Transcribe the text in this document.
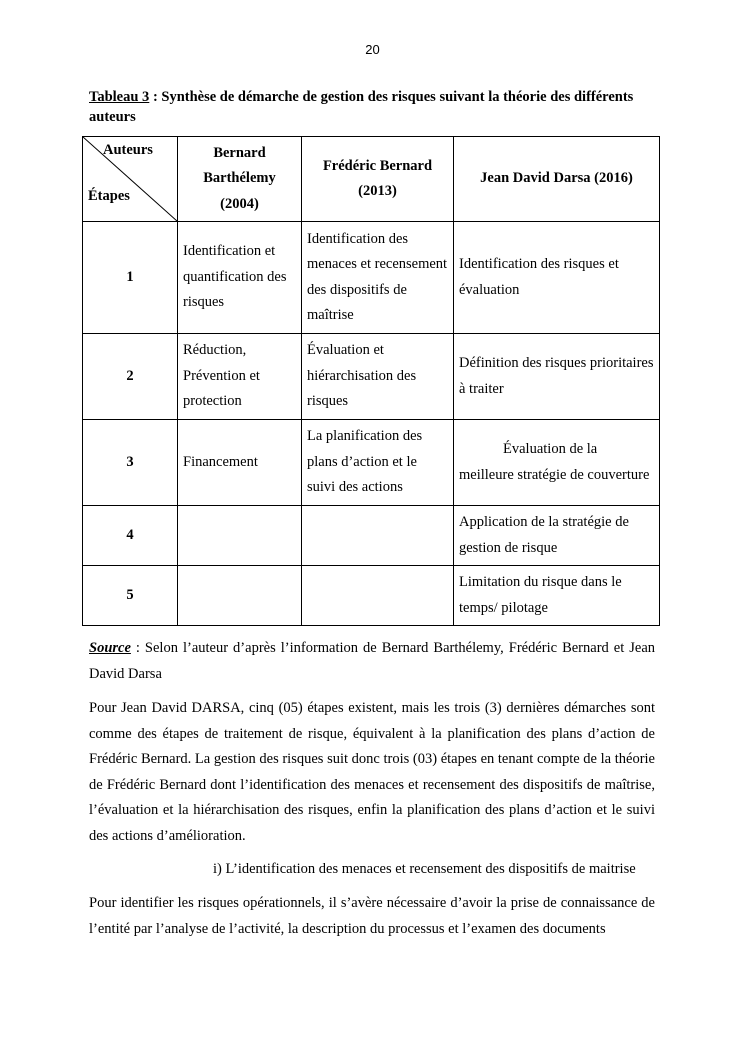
20
Tableau 3 : Synthèse de démarche de gestion des risques suivant la théorie des différents auteurs
Auteurs
Étapes	Bernard Barthélemy (2004)	Frédéric Bernard (2013)	Jean David Darsa (2016)
1	Identification et quantification des risques	Identification des menaces et recensement des dispositifs de maîtrise	Identification des risques et évaluation
2	Réduction, Prévention et protection	Évaluation et hiérarchisation des risques	Définition des risques prioritaires à traiter
3	Financement	La planification des plans d’action et le suivi des actions	Évaluation de la meilleure stratégie de couverture
4			Application de la stratégie de gestion de risque
5			Limitation du risque dans le temps/ pilotage
Source : Selon l’auteur d’après l’information de Bernard Barthélemy, Frédéric Bernard et Jean David Darsa
Pour Jean David DARSA, cinq (05) étapes existent, mais les trois (3) dernières démarches sont comme des étapes de traitement de risque, équivalent à la planification des plans d’action de Frédéric Bernard. La gestion des risques suit donc trois (03) étapes en tenant compte de la théorie de Frédéric Bernard dont l’identification des menaces et recensement des dispositifs de maîtrise, l’évaluation et la hiérarchisation des risques, enfin la planification des plans d’action et le suivi des actions d’amélioration.
i) L’identification des menaces et recensement des dispositifs de maitrise
Pour identifier les risques opérationnels, il s’avère nécessaire d’avoir la prise de connaissance de l’entité par l’analyse de l’activité, la description du processus et l’examen des documents
